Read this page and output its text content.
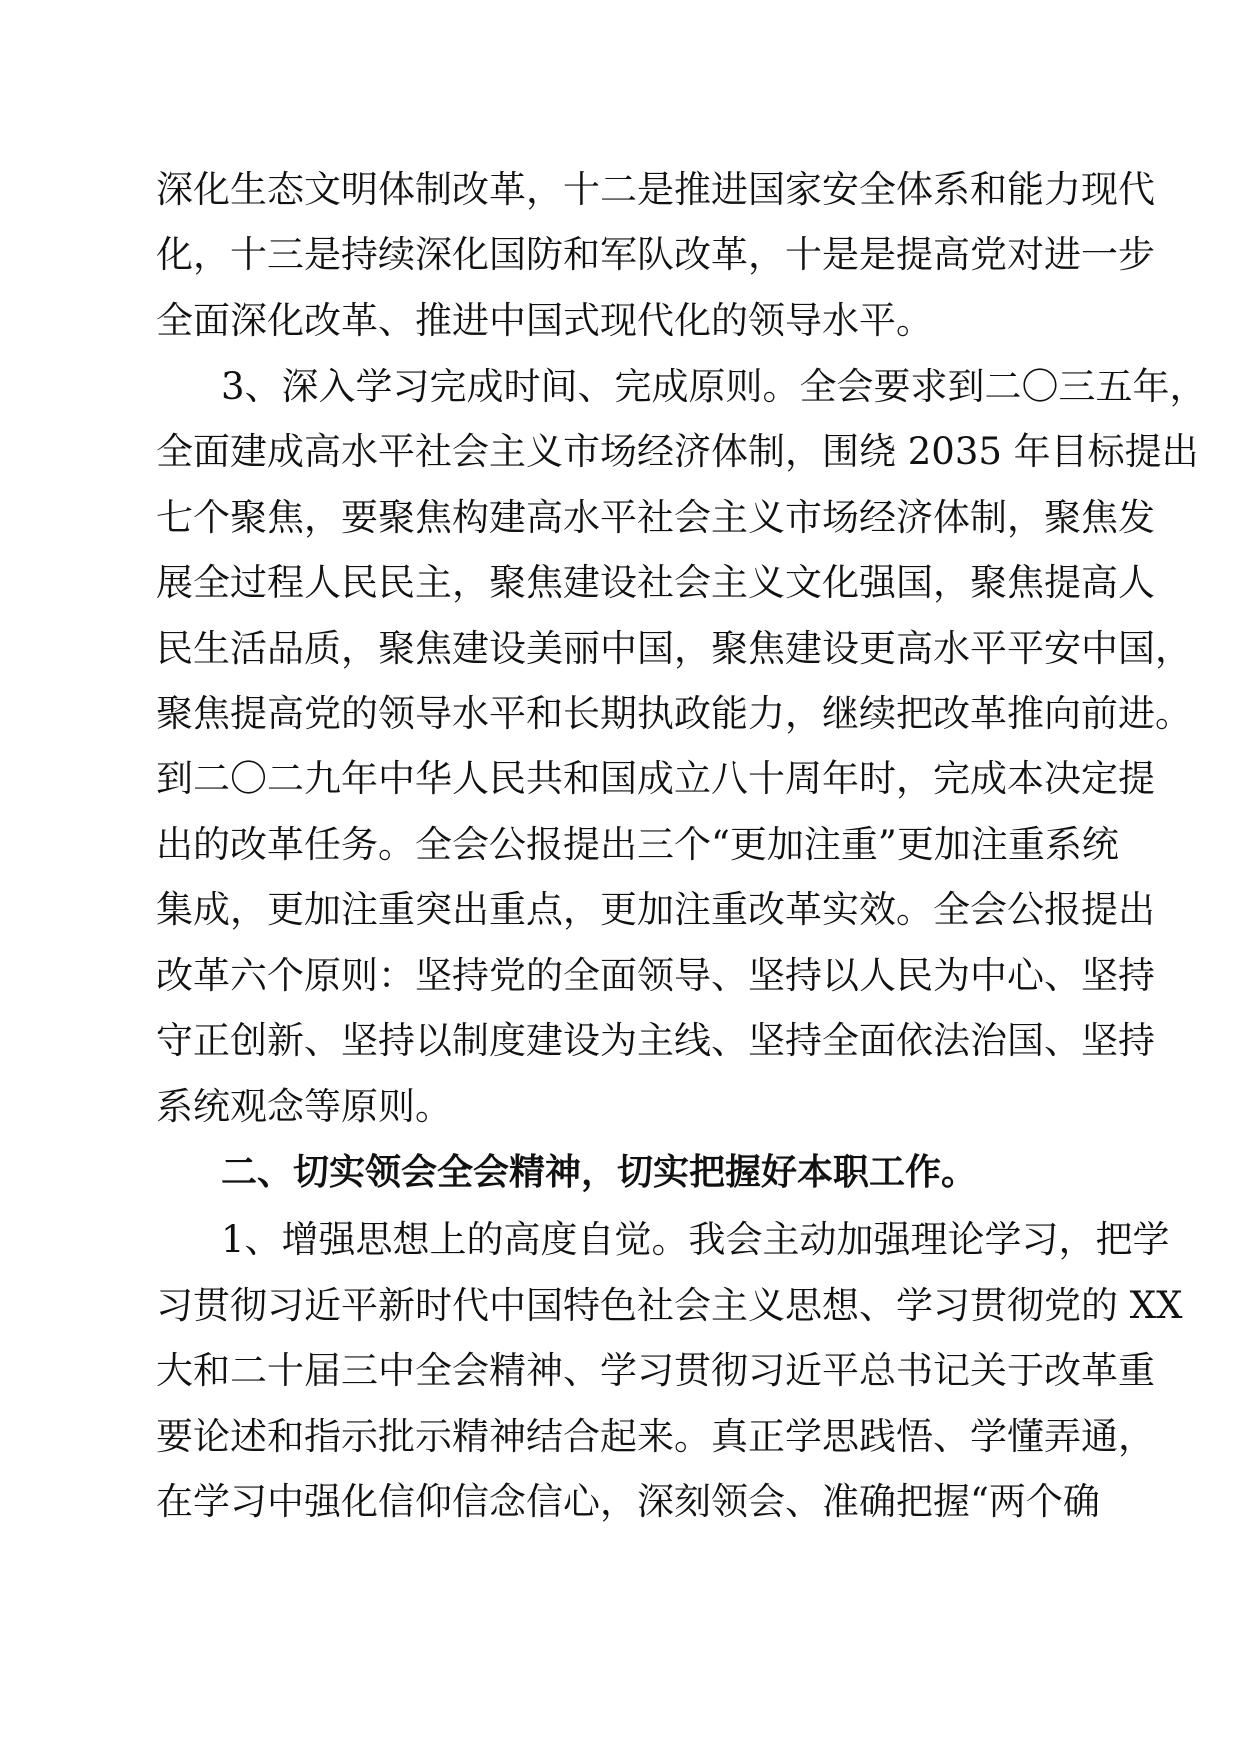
深化生态文明体制改革，十二是推进国家安全体系和能力现代
化，十三是持续深化国防和军队改革，十是是提高党对进一步
全面深化改革、推进中国式现代化的领导水平。
3、深入学习完成时间、完成原则。全会要求到二〇三五年，
全面建成高水平社会主义市场经济体制，围绕 2035 年目标提出
七个聚焦，要聚焦构建高水平社会主义市场经济体制，聚焦发
展全过程人民民主，聚焦建设社会主义文化强国，聚焦提高人
民生活品质，聚焦建设美丽中国，聚焦建设更高水平平安中国，
聚焦提高党的领导水平和长期执政能力，继续把改革推向前进。
到二〇二九年中华人民共和国成立八十周年时，完成本决定提
出的改革任务。全会公报提出三个“更加注重”更加注重系统
集成，更加注重突出重点，更加注重改革实效。全会公报提出
改革六个原则：坚持党的全面领导、坚持以人民为中心、坚持
守正创新、坚持以制度建设为主线、坚持全面依法治国、坚持
系统观念等原则。
二、切实领会全会精神，切实把握好本职工作。
1、增强思想上的高度自觉。我会主动加强理论学习，把学
习贯彻习近平新时代中国特色社会主义思想、学习贯彻党的 XX
大和二十届三中全会精神、学习贯彻习近平总书记关于改革重
要论述和指示批示精神结合起来。真正学思践悟、学懂弄通，
在学习中强化信仰信念信心，深刻领会、准确把握“两个确
